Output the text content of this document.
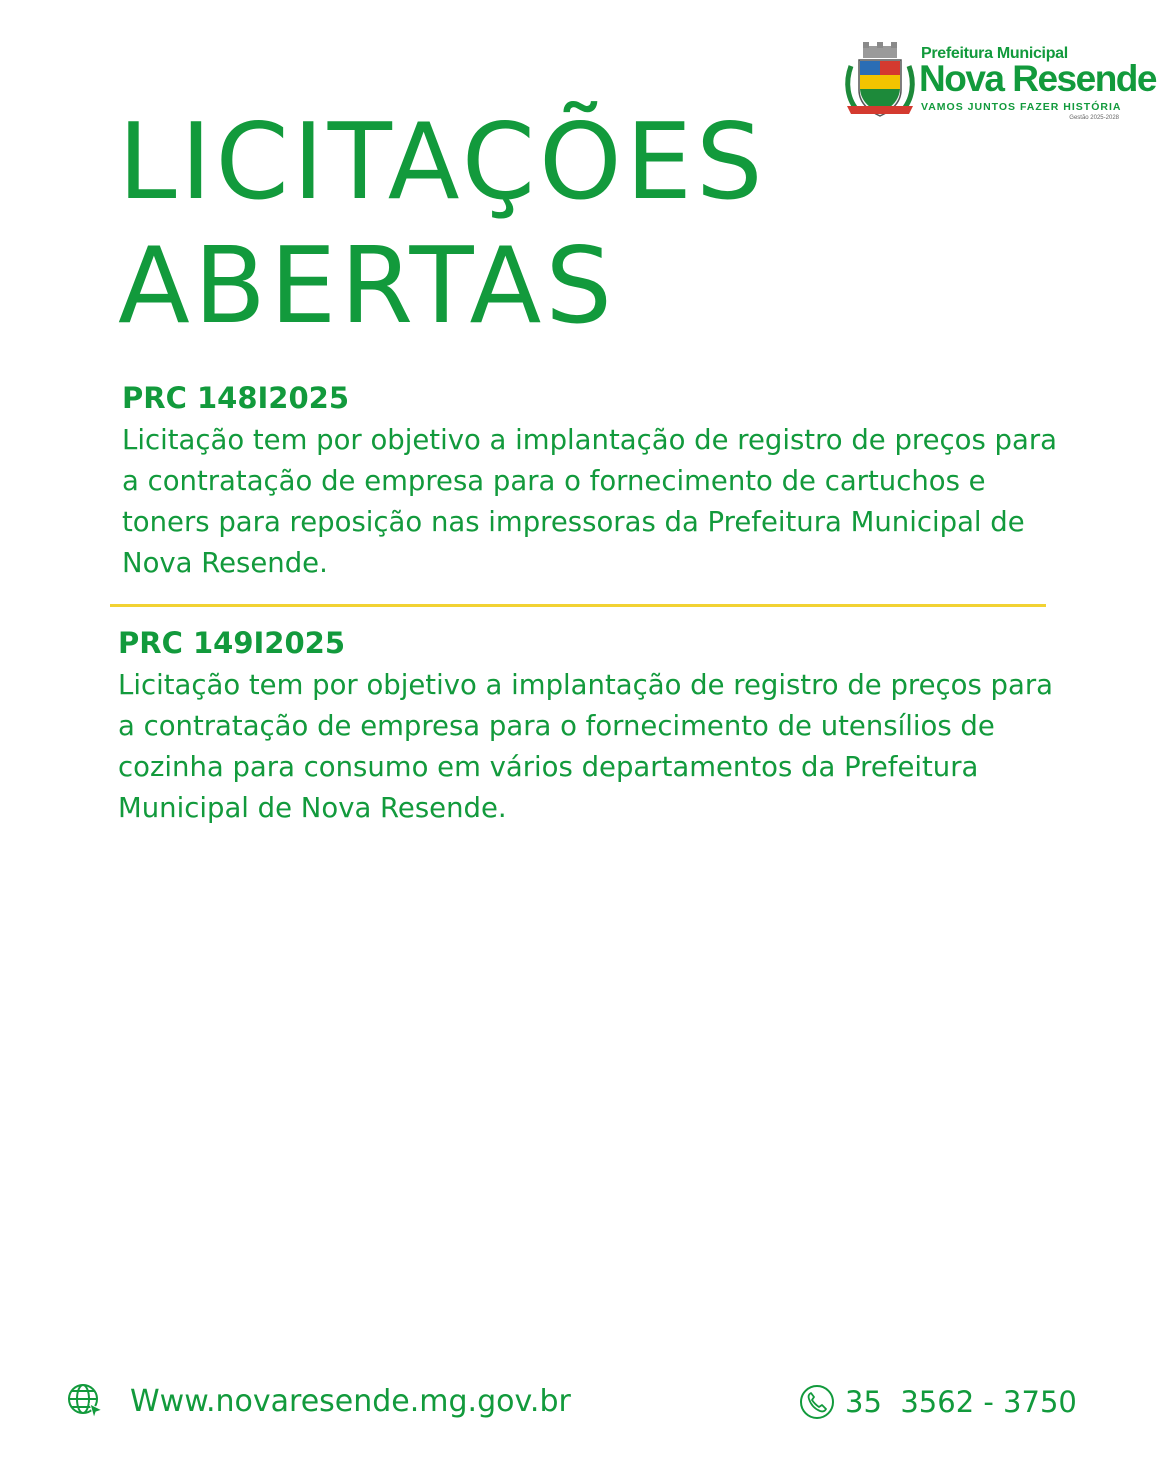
Prefeitura Municipal
Nova Resende
VAMOS JUNTOS FAZER HISTÓRIA
Gestão 2025-2028
LICITAÇÕES
ABERTAS
PRC 148I2025
Licitação tem por objetivo a implantação de registro de preços para a contratação de empresa para o fornecimento de cartuchos e toners para reposição nas impressoras da Prefeitura Municipal de Nova Resende.
PRC 149I2025
Licitação tem por objetivo a implantação de registro de preços para a contratação de empresa para o fornecimento de utensílios de cozinha para consumo em vários departamentos da Prefeitura Municipal de Nova Resende.
Www.novaresende.mg.gov.br	35  3562 - 3750
